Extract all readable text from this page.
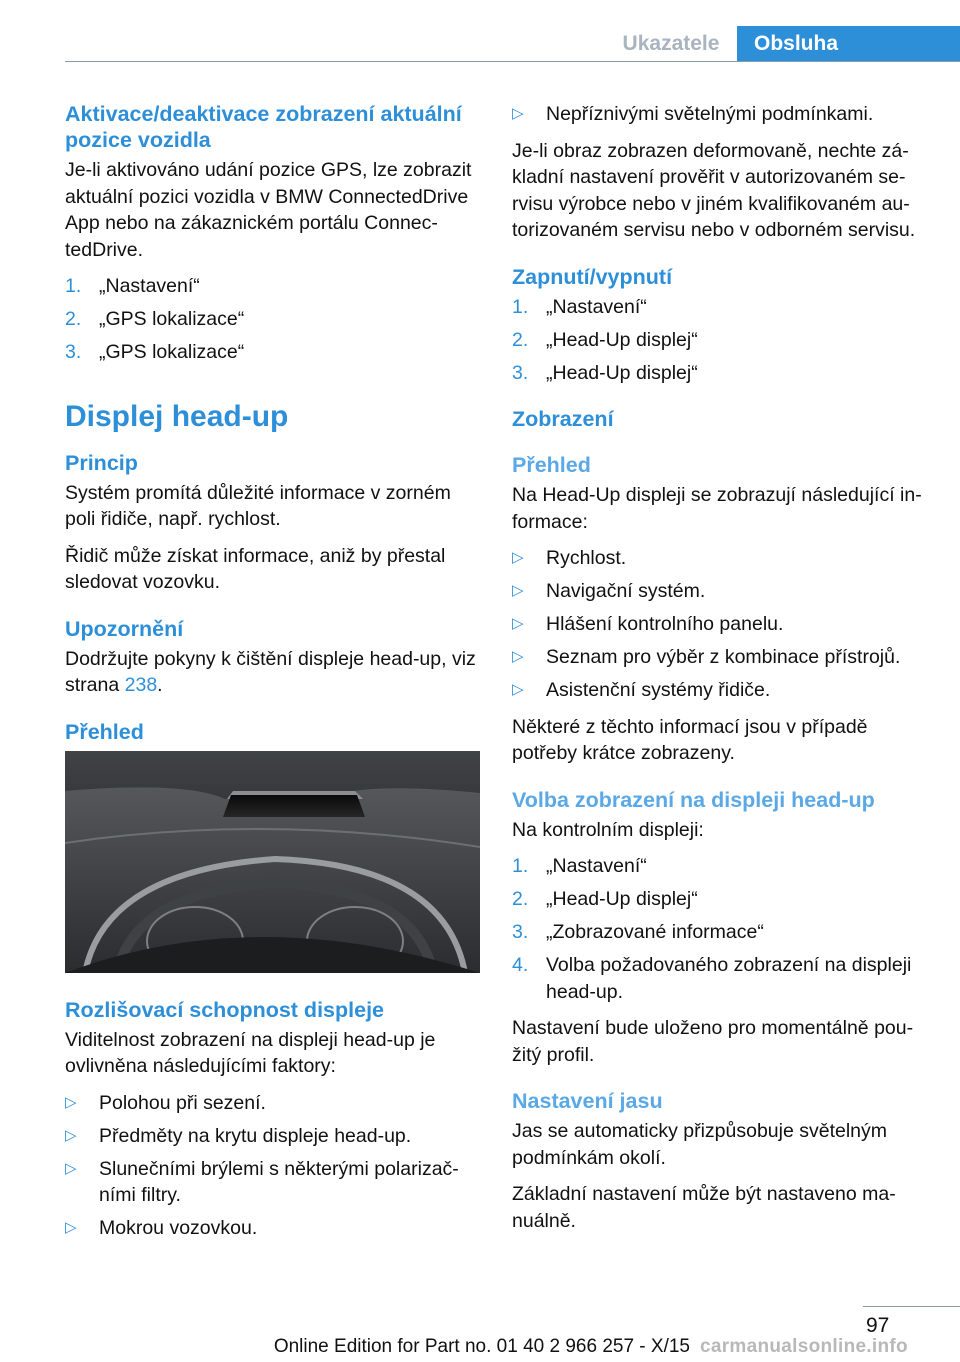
Ukazatele	Obsluha
Aktivace/deaktivace zobrazení aktuální pozice vozidla

Je-li aktivováno udání pozice GPS, lze zobrazit aktuální pozici vozidla v BMW ConnectedDrive App nebo na zákaznickém portálu Connec‐tedDrive.

1. „Nastavení“
2. „GPS lokalizace“
3. „GPS lokalizace“
Displej head-up
Princip

Systém promítá důležité informace v zorném poli řidiče, např. rychlost.

Řidič může získat informace, aniž by přestal sledovat vozovku.

Upozornění

Dodržujte pokyny k čištění displeje head-up, viz strana 238.

Přehled
Rozlišovací schopnost displeje

Viditelnost zobrazení na displeji head-up je ovlivněna následujícími faktory:

▷ Polohou při sezení.
▷ Předměty na krytu displeje head-up.
▷ Slunečními brýlemi s některými polarizač‐ními filtry.
▷ Mokrou vozovkou.
▷ Nepříznivými světelnými podmínkami.

Je-li obraz zobrazen deformovaně, nechte zá‐kladní nastavení prověřit v autorizovaném se‐rvisu výrobce nebo v jiném kvalifikovaném au‐torizovaném servisu nebo v odborném servisu.

Zapnutí/vypnutí
1. „Nastavení“
2. „Head-Up displej“
3. „Head-Up displej“
Zobrazení
Přehled

Na Head-Up displeji se zobrazují následující in‐formace:

▷ Rychlost.
▷ Navigační systém.
▷ Hlášení kontrolního panelu.
▷ Seznam pro výběr z kombinace přístrojů.
▷ Asistenční systémy řidiče.

Některé z těchto informací jsou v případě potřeby krátce zobrazeny.

Volba zobrazení na displeji head-up

Na kontrolním displeji:

1. „Nastavení“
2. „Head-Up displej“
3. „Zobrazované informace“
4. Volba požadovaného zobrazení na displeji head-up.

Nastavení bude uloženo pro momentálně pou‐žitý profil.

Nastavení jasu

Jas se automaticky přizpůsobuje světelným podmínkám okolí.

Základní nastavení může být nastaveno ma‐nuálně.

97
Online Edition for Part no. 01 40 2 966 257 - X/15 carmanualsonline.info
